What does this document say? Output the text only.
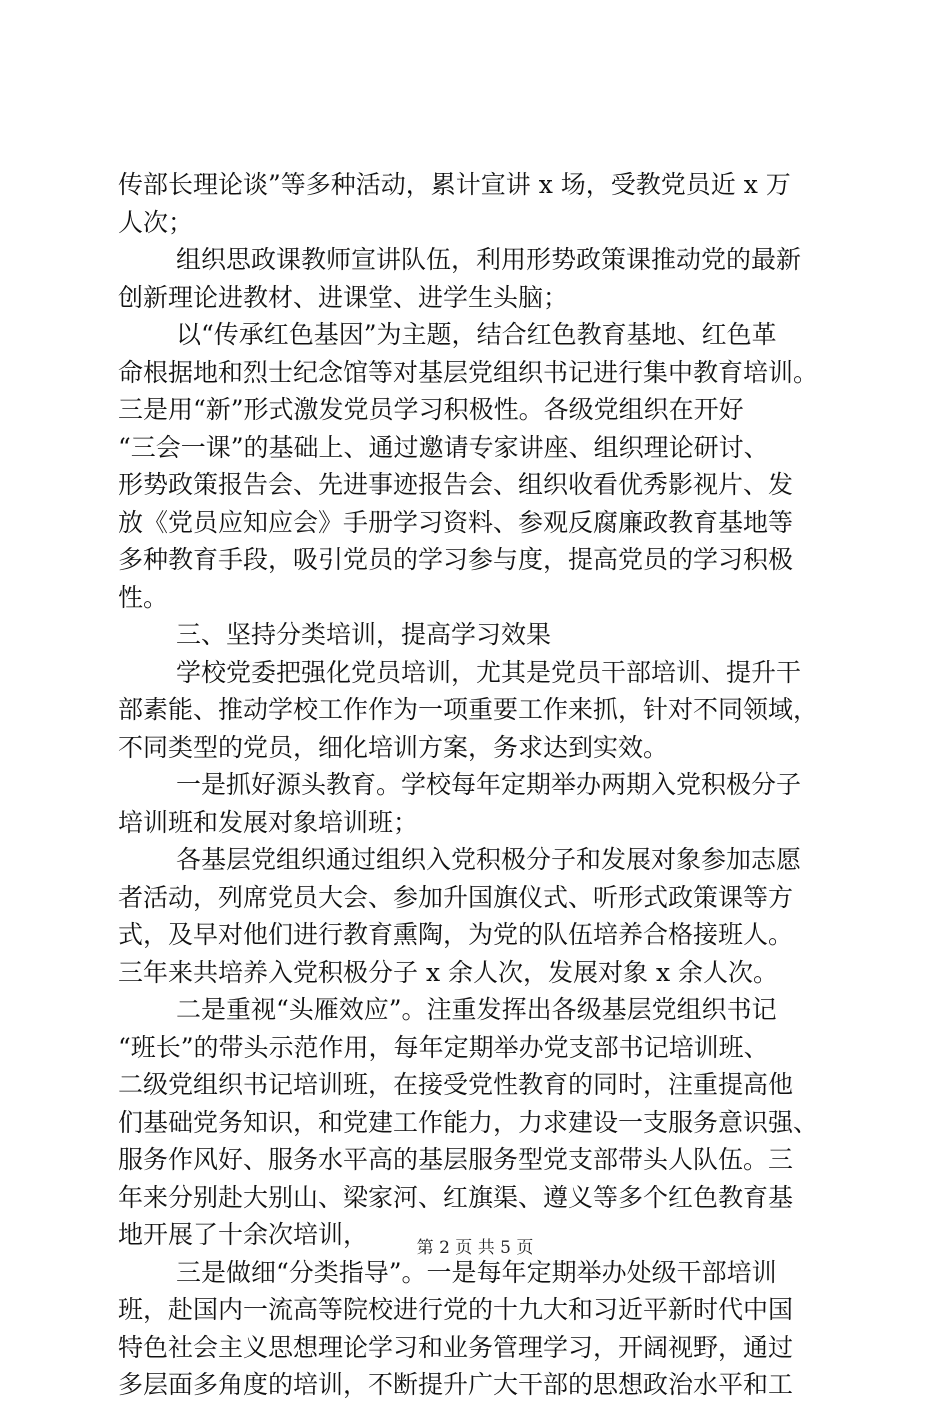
传部长理论谈”等多种活动，累计宣讲 x 场，受教党员近 x 万
人次；
组织思政课教师宣讲队伍，利用形势政策课推动党的最新
创新理论进教材、进课堂、进学生头脑；
以“传承红色基因”为主题，结合红色教育基地、红色革
命根据地和烈士纪念馆等对基层党组织书记进行集中教育培训。
三是用“新”形式激发党员学习积极性。各级党组织在开好
“三会一课”的基础上、通过邀请专家讲座、组织理论研讨、
形势政策报告会、先进事迹报告会、组织收看优秀影视片、发
放《党员应知应会》手册学习资料、参观反腐廉政教育基地等
多种教育手段，吸引党员的学习参与度，提高党员的学习积极
性。
三、坚持分类培训，提高学习效果
学校党委把强化党员培训，尤其是党员干部培训、提升干
部素能、推动学校工作作为一项重要工作来抓，针对不同领域，
不同类型的党员，细化培训方案，务求达到实效。
一是抓好源头教育。学校每年定期举办两期入党积极分子
培训班和发展对象培训班；
各基层党组织通过组织入党积极分子和发展对象参加志愿
者活动，列席党员大会、参加升国旗仪式、听形式政策课等方
式，及早对他们进行教育熏陶，为党的队伍培养合格接班人。
三年来共培养入党积极分子 x 余人次，发展对象 x 余人次。
二是重视“头雁效应”。注重发挥出各级基层党组织书记
“班长”的带头示范作用，每年定期举办党支部书记培训班、
二级党组织书记培训班，在接受党性教育的同时，注重提高他
们基础党务知识，和党建工作能力，力求建设一支服务意识强、
服务作风好、服务水平高的基层服务型党支部带头人队伍。三
年来分别赴大别山、梁家河、红旗渠、遵义等多个红色教育基
地开展了十余次培训，
三是做细“分类指导”。一是每年定期举办处级干部培训
班，赴国内一流高等院校进行党的十九大和习近平新时代中国
特色社会主义思想理论学习和业务管理学习，开阔视野，通过
多层面多角度的培训，不断提升广大干部的思想政治水平和工
第 2 页 共 5 页
